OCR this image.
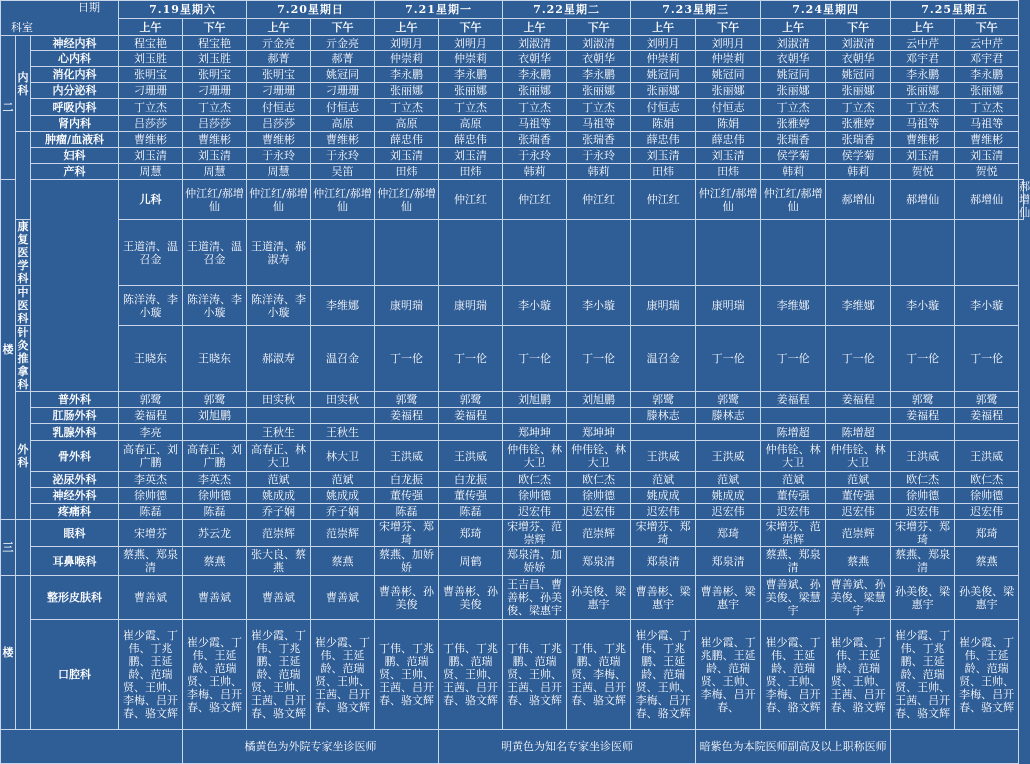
日期
科室			7.19星期六		7.20星期日		7.21星期一		7.22星期二		7.23星期三		7.24星期四		7.25星期五		
			上午	下午	上午	下午	上午	下午	上午	下午	上午	下午	上午	下午	上午	下午	
二	内科	神经内科	程宝艳	程宝艳	亓金亮	亓金亮	刘明月	刘明月	刘淑清	刘淑清	刘明月	刘明月	刘淑清	刘淑清	云中芹	云中芹	
		心内科	刘玉胜	刘玉胜	郝菁	郝菁	仲崇莉	仲崇莉	衣朝华	衣朝华	仲崇莉	仲崇莉	衣朝华	衣朝华	邓宇君	邓宇君	
		消化内科	张明宝	张明宝	张明宝	姚冠同	李永鹏	李永鹏	李永鹏	李永鹏	姚冠同	姚冠同	姚冠同	姚冠同	李永鹏	李永鹏	
		内分泌科	刁珊珊	刁珊珊	刁珊珊	刁珊珊	张丽娜	张丽娜	张丽娜	张丽娜	张丽娜	张丽娜	张丽娜	张丽娜	张丽娜	张丽娜	
		呼吸内科	丁立杰	丁立杰	付恒志	付恒志	丁立杰	丁立杰	丁立杰	丁立杰	付恒志	付恒志	丁立杰	丁立杰	丁立杰	丁立杰	
		肾内科	吕莎莎	吕莎莎	吕莎莎	高原	高原	高原	马祖等	马祖等	陈娟	陈娟	张雅婷	张雅婷	马祖等	马祖等	
		肿瘤/血液科	曹维彬	曹维彬	曹维彬	曹维彬	薛忠伟	薛忠伟	张瑞香	张瑞香	薛忠伟	薛忠伟	张瑞香	张瑞香	曹维彬	曹维彬	
		妇科	刘玉清	刘玉清	于永玲	于永玲	刘玉清	刘玉清	于永玲	于永玲	刘玉清	刘玉清	侯学菊	侯学菊	刘玉清	刘玉清	
		产科	周慧	周慧	周慧	吴笛	田炜	田炜	韩莉	韩莉	田炜	田炜	韩莉	韩莉	贺悦	贺悦	
楼			儿科	仲江红/郝增仙	仲江红/郝增仙	仲江红/郝增仙	仲江红/郝增仙	仲江红	仲江红	仲江红	仲江红	仲江红/郝增仙	仲江红/郝增仙	郝增仙	郝增仙	郝增仙	郝增仙
	康复医学科		王道清、温召金	王道清、温召金	王道清、郝淑寿												
	中医科		陈洋涛、李小璇	陈洋涛、李小璇	陈洋涛、李小璇	李维娜	康明瑞	康明瑞	李小璇	李小璇	康明瑞	康明瑞	李维娜	李维娜	李小璇	李小璇	
	针灸推拿科		王晓东	王晓东	郝淑寿	温召金	丁一伦	丁一伦	丁一伦	丁一伦	温召金	丁一伦	丁一伦	丁一伦	丁一伦	丁一伦	
	外科	普外科	郭鹭	郭鹭	田实秋	田实秋	郭鹭	郭鹭	刘旭鹏	刘旭鹏	郭鹭	郭鹭	姜福程	姜福程	郭鹭	郭鹭	
		肛肠外科	姜福程	刘旭鹏			姜福程	姜福程			滕林志	滕林志			姜福程	姜福程	
		乳腺外科	李亮		王秋生	王秋生			郑坤坤	郑坤坤			陈增超	陈增超			
		骨外科	高春正、刘广鹏	高春正、刘广鹏	高春正、林大卫	林大卫	王洪威	王洪威	仲伟铨、林大卫	仲伟铨、林大卫	王洪威	王洪威	仲伟铨、林大卫	仲伟铨、林大卫	王洪威	王洪威	
		泌尿外科	李英杰	李英杰	范斌	范斌	白龙振	白龙振	欧仁杰	欧仁杰	范斌	范斌	范斌	范斌	欧仁杰	欧仁杰	
		神经外科	徐帅德	徐帅德	姚成成	姚成成	董传强	董传强	徐帅德	徐帅德	姚成成	姚成成	董传强	董传强	徐帅德	徐帅德	
		疼痛科	陈磊	陈磊	乔子娴	乔子娴	陈磊	陈磊	迟宏伟	迟宏伟	迟宏伟	迟宏伟	迟宏伟	迟宏伟	迟宏伟	迟宏伟	
三		眼科	宋增芬	苏云龙	范崇辉	范崇辉	宋增芬、郑琦	郑琦	宋增芬、范崇辉	范崇辉	宋增芬、郑琦	郑琦	宋增芬、范崇辉	范崇辉	宋增芬、郑琦	郑琦	
		耳鼻喉科	蔡燕、郑泉清	蔡燕	张大良、蔡燕	蔡燕	蔡燕、加娇娇	周鹤	郑泉清、加娇娇	郑泉清	郑泉清	郑泉清	蔡燕、郑泉清	蔡燕	蔡燕、郑泉清	蔡燕	
楼		整形皮肤科	曹善斌	曹善斌	曹善斌	曹善斌	曹善彬、孙美俊	曹善彬、孙美俊	王吉昌、曹善彬、孙美俊、梁惠宇	孙美俊、梁惠宇	曹善彬、梁惠宇	曹善彬、梁惠宇	曹善斌、孙美俊、梁慧宇	曹善斌、孙美俊、梁慧宇	孙美俊、梁惠宇	孙美俊、梁惠宇	
		口腔科	崔少霞、丁伟、丁兆鹏、王延龄、范瑞贤、王帅、李梅、吕开春、骆文辉	崔少霞、丁伟、王延龄、范瑞贤、王帅、李梅、吕开春、骆文辉	崔少霞、丁伟、丁兆鹏、王延龄、范瑞贤、王帅、王茜、吕开春、骆文辉	崔少霞、丁伟、王延龄、范瑞贤、王帅、王茜、吕开春、骆文辉	丁伟、丁兆鹏、范瑞贤、王帅、王茜、吕开春、骆文辉	丁伟、丁兆鹏、范瑞贤、王帅、王茜、吕开春、骆文辉	丁伟、丁兆鹏、范瑞贤、王帅、王茜、吕开春、骆文辉	丁伟、丁兆鹏、范瑞贤、李梅、王茜、吕开春、骆文辉	崔少霞、丁伟、丁兆鹏、王延龄、范瑞贤、王帅、李梅、吕开春、骆文辉	崔少霞、丁兆鹏、王延龄、范瑞贤、王帅、李梅、吕开春、	崔少霞、丁伟、王延龄、范瑞贤、王帅、李梅、吕开春、骆文辉	崔少霞、丁伟、王延龄、范瑞贤、王帅、王茜、吕开春、骆文辉	崔少霞、丁伟、丁兆鹏、王延龄、范瑞贤、王帅、王茜、吕开春、骆文辉	崔少霞、丁伟、王延龄、范瑞贤、王帅、李梅、吕开春、骆文辉	
				橘黄色为外院专家坐诊医师				明黄色为知名专家坐诊医师				暗紫色为本院医师副高及以上职称医师					
